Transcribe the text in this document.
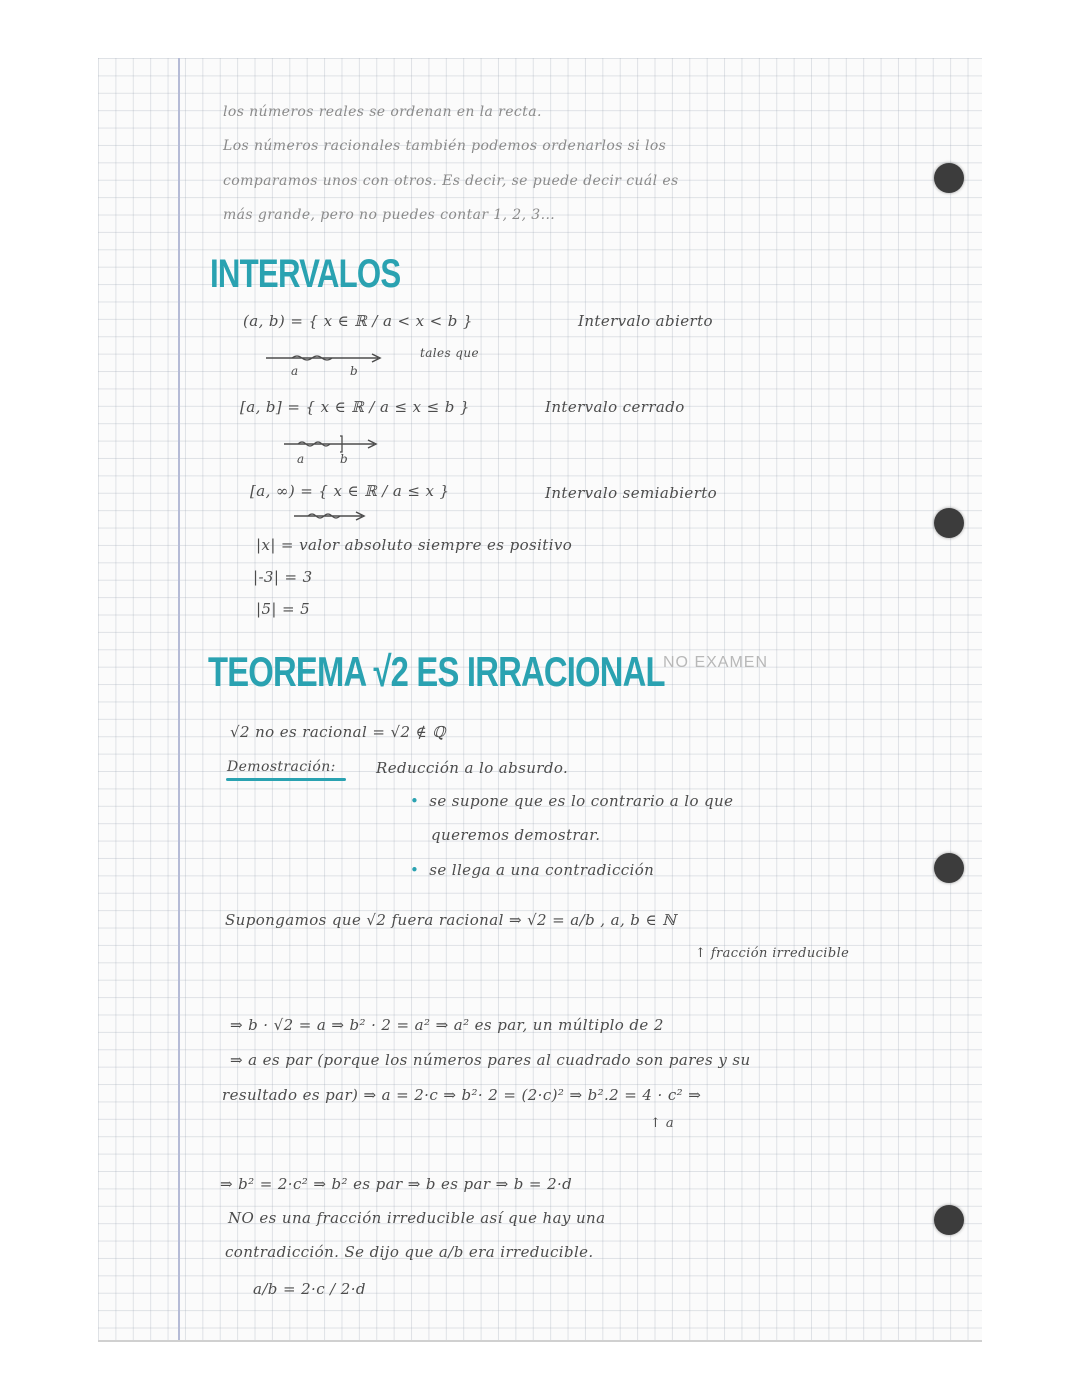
los números reales se ordenan en la recta.
Los números racionales también podemos ordenarlos si los
comparamos unos con otros. Es decir, se puede decir cuál es
más grande, pero no puedes contar 1, 2, 3...
INTERVALOS
(a, b) = { x ∈ ℝ / a < x < b }	Intervalo abierto
tales que
a	b
[a, b] = { x ∈ ℝ / a ≤ x ≤ b }	Intervalo cerrado
a	b
[a, ∞) = { x ∈ ℝ / a ≤ x }	Intervalo semiabierto
|x| = valor absoluto siempre es positivo
|-3| = 3
|5| = 5
TEOREMA √2 ES IRRACIONAL
NO EXAMEN
√2 no es racional = √2 ∉ ℚ
Demostración:	Reducción a lo absurdo.
• se supone que es lo contrario a lo que
queremos demostrar.
• se llega a una contradicción
Supongamos que √2 fuera racional ⇒ √2 = a/b , a, b ∈ ℕ
↑ fracción irreducible
⇒ b · √2 = a ⇒ b² · 2 = a² ⇒ a² es par, un múltiplo de 2
⇒ a es par (porque los números pares al cuadrado son pares y su
resultado es par) ⇒ a = 2·c ⇒ b²· 2 = (2·c)² ⇒ b².2 = 4 · c² ⇒
↑ a
⇒ b² = 2·c² ⇒ b² es par ⇒ b es par ⇒ b = 2·d
NO es una fracción irreducible así que hay una
contradicción. Se dijo que a/b era irreducible.
a/b = 2·c / 2·d
